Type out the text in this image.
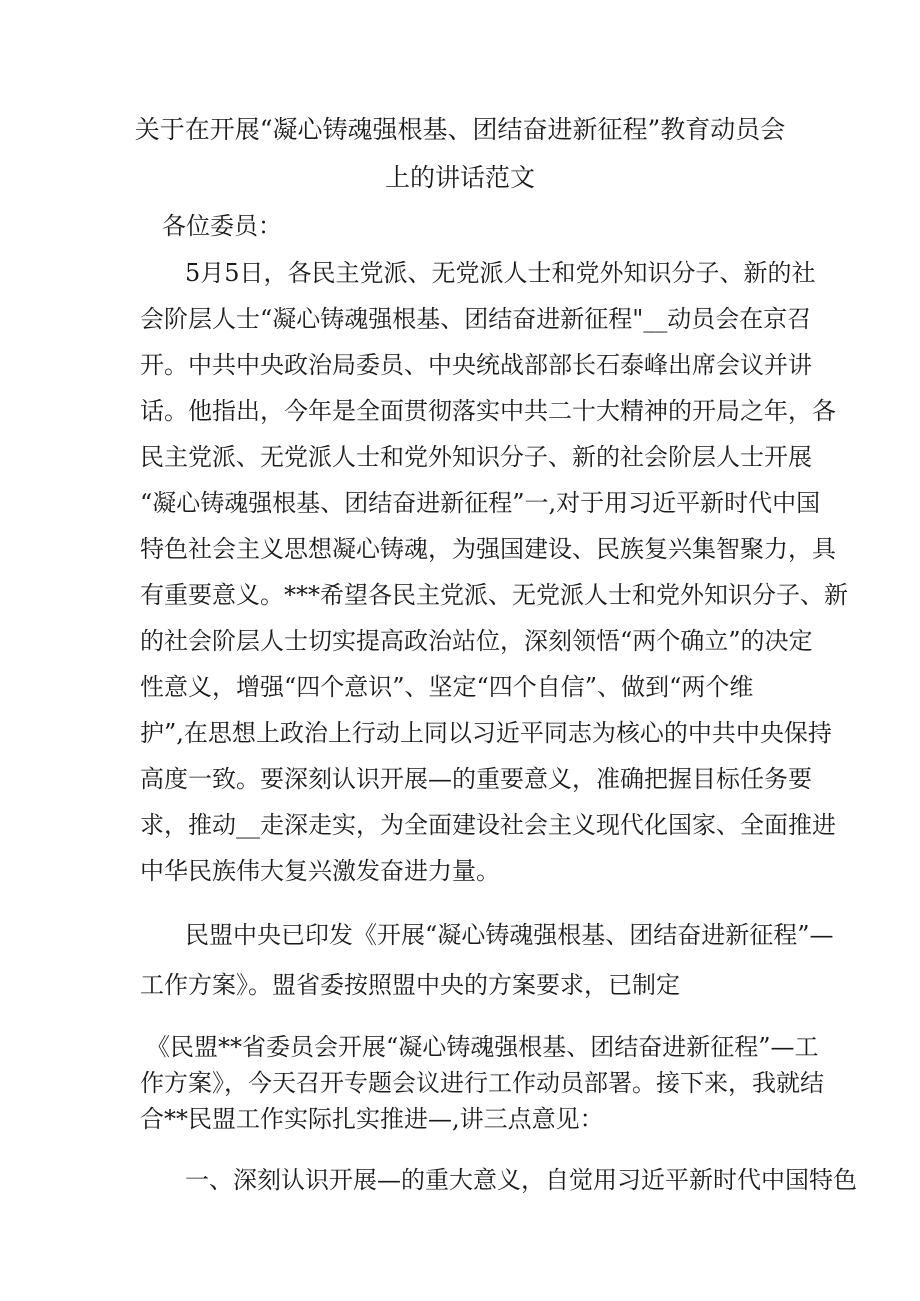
关于在开展“凝心铸魂强根基、团结奋进新征程”教育动员会
上的讲话范文
各位委员：
5月5日，各民主党派、无党派人士和党外知识分子、新的社
会阶层人士“凝心铸魂强根基、团结奋进新征程"__动员会在京召
开。中共中央政治局委员、中央统战部部长石泰峰出席会议并讲
话。他指出，今年是全面贯彻落实中共二十大精神的开局之年，各
民主党派、无党派人士和党外知识分子、新的社会阶层人士开展
“凝心铸魂强根基、团结奋进新征程”一,对于用习近平新时代中国
特色社会主义思想凝心铸魂，为强国建设、民族复兴集智聚力，具
有重要意义。***希望各民主党派、无党派人士和党外知识分子、新
的社会阶层人士切实提高政治站位，深刻领悟“两个确立”的决定
性意义，增强“四个意识”、坚定“四个自信”、做到“两个维
护”,在思想上政治上行动上同以习近平同志为核心的中共中央保持
高度一致。要深刻认识开展—的重要意义，准确把握目标任务要
求，推动__走深走实，为全面建设社会主义现代化国家、全面推进
中华民族伟大复兴激发奋进力量。
民盟中央已印发《开展“凝心铸魂强根基、团结奋进新征程”—
工作方案》。盟省委按照盟中央的方案要求，已制定
《民盟**省委员会开展“凝心铸魂强根基、团结奋进新征程”—工
作方案》，今天召开专题会议进行工作动员部署。接下来，我就结
合**民盟工作实际扎实推进—,讲三点意见：
一、深刻认识开展—的重大意义，自觉用习近平新时代中国特色
